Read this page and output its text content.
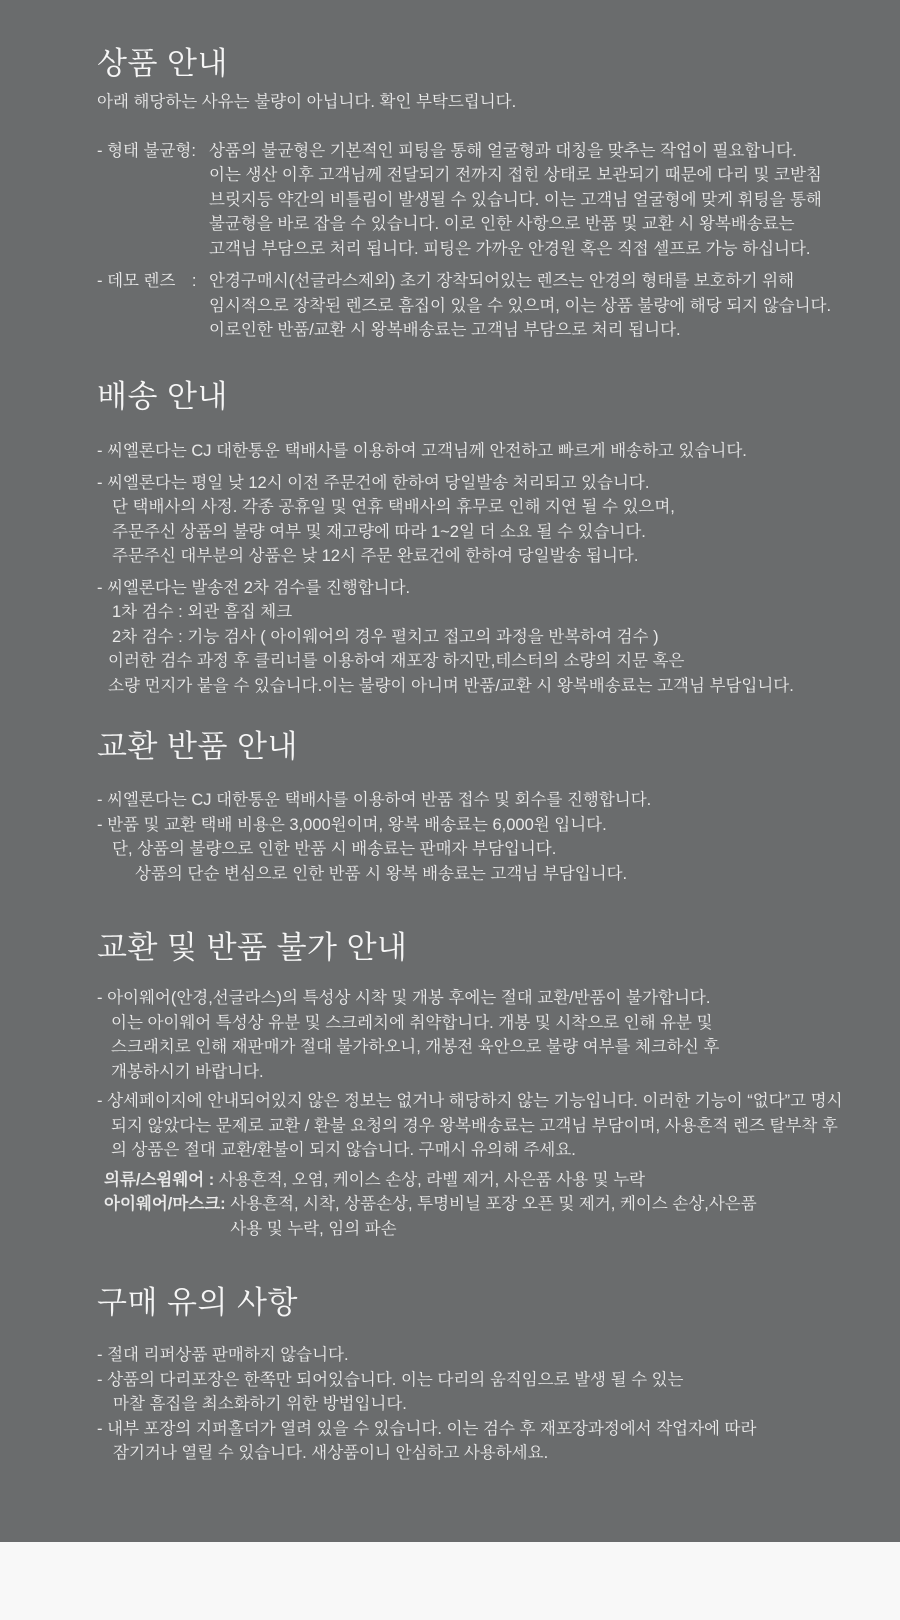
상품 안내
아래 해당하는 사유는 불량이 아닙니다. 확인 부탁드립니다.
- 형태 불균형: 상품의 불균형은 기본적인 피팅을 통해 얼굴형과 대칭을 맞추는 작업이 필요합니다.
이는 생산 이후 고객님께 전달되기 전까지 접힌 상태로 보관되기 때문에 다리 및 코받침
브릿지등 약간의 비틀림이 발생될 수 있습니다. 이는 고객님 얼굴형에 맞게 휘팅을 통해
불균형을 바로 잡을 수 있습니다. 이로 인한 사항으로 반품 및 교환 시 왕복배송료는
고객님 부담으로 처리 됩니다. 피팅은 가까운 안경원 혹은 직접 셀프로 가능 하십니다.
- 데모 렌즈　: 안경구매시(선글라스제외) 초기 장착되어있는 렌즈는 안경의 형태를 보호하기 위해
임시적으로 장착된 렌즈로 흠집이 있을 수 있으며, 이는 상품 불량에 해당 되지 않습니다.
이로인한 반품/교환 시 왕복배송료는 고객님 부담으로 처리 됩니다.
배송 안내
- 씨엘론다는 CJ 대한통운 택배사를 이용하여 고객님께 안전하고 빠르게 배송하고 있습니다.
- 씨엘론다는 평일 낮 12시 이전 주문건에 한하여 당일발송 처리되고 있습니다.
단 택배사의 사정. 각종 공휴일 및 연휴 택배사의 휴무로 인해 지연 될 수 있으며,
주문주신 상품의 불량 여부 및 재고량에 따라 1~2일 더 소요 될 수 있습니다.
주문주신 대부분의 상품은 낮 12시 주문 완료건에 한하여 당일발송 됩니다.
- 씨엘론다는 발송전 2차 검수를 진행합니다.
1차 검수 : 외관 흠집 체크
2차 검수 : 기능 검사 ( 아이웨어의 경우 펼치고 접고의 과정을 반복하여 검수 )
이러한 검수 과정 후 클리너를 이용하여 재포장 하지만,테스터의 소량의 지문 혹은
소량 먼지가 붙을 수 있습니다.이는 불량이 아니며 반품/교환 시 왕복배송료는 고객님 부담입니다.
교환 반품 안내
- 씨엘론다는 CJ 대한통운 택배사를 이용하여 반품 접수 및 회수를 진행합니다.
- 반품 및 교환 택배 비용은 3,000원이며, 왕복 배송료는 6,000원 입니다.
단, 상품의 불량으로 인한 반품 시 배송료는 판매자 부담입니다.
상품의 단순 변심으로 인한 반품 시 왕복 배송료는 고객님 부담입니다.
교환 및 반품 불가 안내
- 아이웨어(안경,선글라스)의 특성상 시착 및 개봉 후에는 절대 교환/반품이 불가합니다.
이는 아이웨어 특성상 유분 및 스크레치에 취약합니다. 개봉 및 시착으로 인해 유분 및
스크래치로 인해 재판매가 절대 불가하오니, 개봉전 육안으로 불량 여부를 체크하신 후
개봉하시기 바랍니다.
- 상세페이지에 안내되어있지 않은 정보는 없거나 해당하지 않는 기능입니다. 이러한 기능이 “없다”고 명시
되지 않았다는 문제로 교환 / 환불 요청의 경우 왕복배송료는 고객님 부담이며, 사용흔적 렌즈 탈부착 후
의 상품은 절대 교환/환불이 되지 않습니다. 구매시 유의해 주세요.
의류/스윔웨어 : 사용흔적, 오염, 케이스 손상, 라벨 제거, 사은품 사용 및 누락
아이웨어/마스크: 사용흔적, 시착, 상품손상, 투명비닐 포장 오픈 및 제거, 케이스 손상,사은품
사용 및 누락, 임의 파손
구매 유의 사항
- 절대 리퍼상품 판매하지 않습니다.
- 상품의 다리포장은 한쪽만 되어있습니다. 이는 다리의 움직임으로 발생 될 수 있는
마찰 흠집을 최소화하기 위한 방법입니다.
- 내부 포장의 지퍼홀더가 열려 있을 수 있습니다. 이는 검수 후 재포장과정에서 작업자에 따라
잠기거나 열릴 수 있습니다. 새상품이니 안심하고 사용하세요.
